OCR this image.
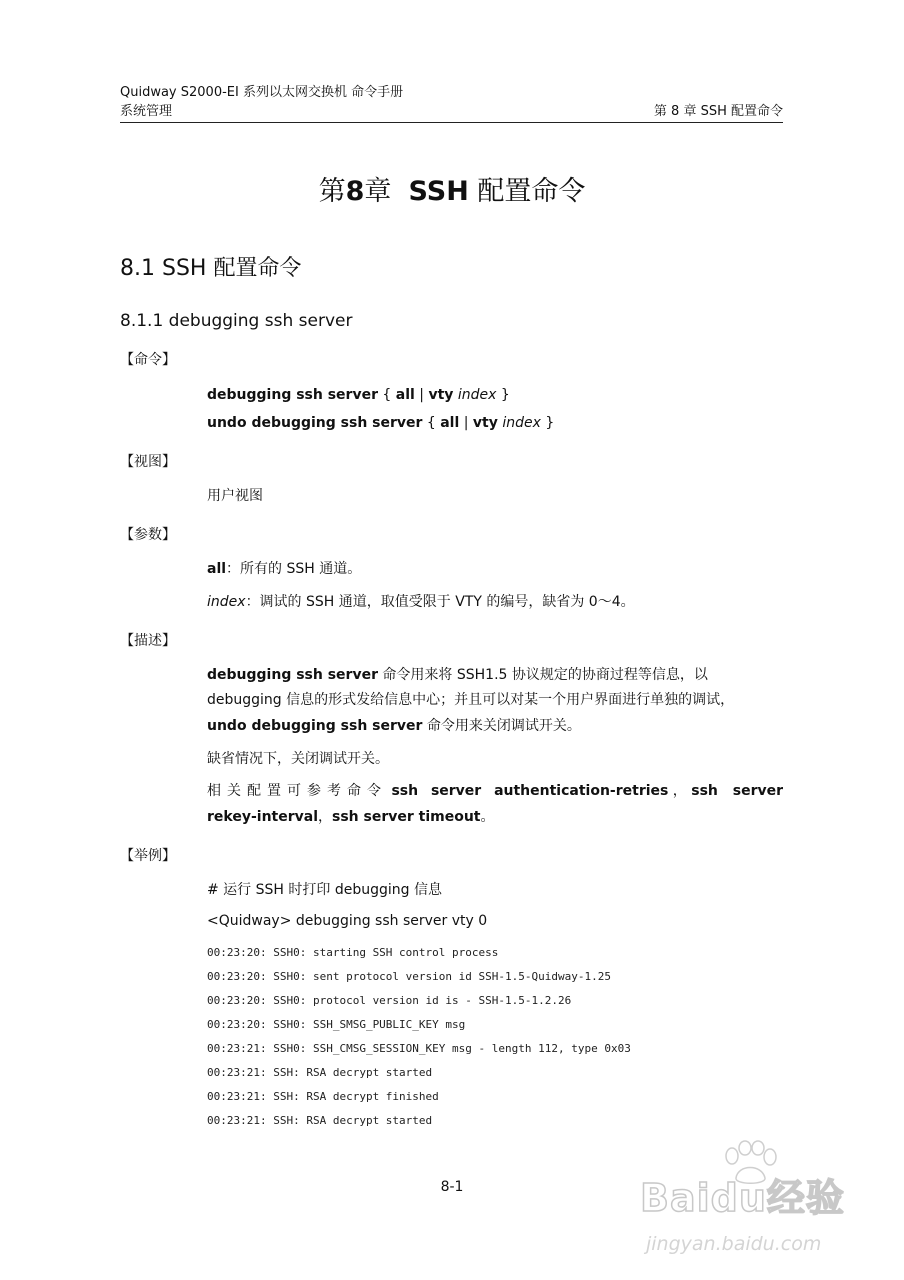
Quidway S2000-EI 系列以太网交换机 命令手册
系统管理	第 8 章 SSH 配置命令
第8章 SSH 配置命令
8.1 SSH 配置命令
8.1.1 debugging ssh server
【命令】
debugging ssh server { all | vty index }
undo debugging ssh server { all | vty index }
【视图】
用户视图
【参数】
all：所有的 SSH 通道。
index：调试的 SSH 通道，取值受限于 VTY 的编号，缺省为 0～4。
【描述】
debugging ssh server 命令用来将 SSH1.5 协议规定的协商过程等信息，以
debugging 信息的形式发给信息中心；并且可以对某一个用户界面进行单独的调试，
undo debugging ssh server 命令用来关闭调试开关。
缺省情况下，关闭调试开关。
相关配置可参考命令 ssh server authentication-retries ， ssh server
rekey-interval，ssh server timeout。
【举例】
# 运行 SSH 时打印 debugging 信息
<Quidway> debugging ssh server vty 0
00:23:20: SSH0: starting SSH control process
00:23:20: SSH0: sent protocol version id SSH-1.5-Quidway-1.25
00:23:20: SSH0: protocol version id is - SSH-1.5-1.2.26
00:23:20: SSH0: SSH_SMSG_PUBLIC_KEY msg
00:23:21: SSH0: SSH_CMSG_SESSION_KEY msg - length 112, type 0x03
00:23:21: SSH: RSA decrypt started
00:23:21: SSH: RSA decrypt finished
00:23:21: SSH: RSA decrypt started
8-1	Baidu经验
jingyan.baidu.com
